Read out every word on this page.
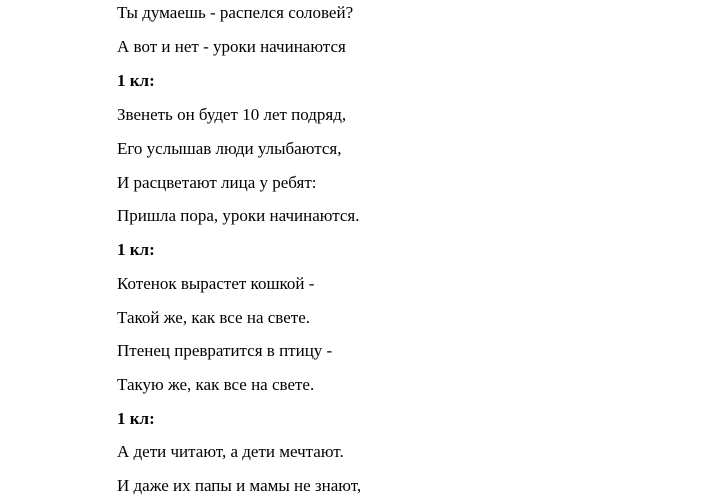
Ты думаешь - распелся соловей?

А вот и нет - уроки начинаются

1 кл:

Звенеть он будет 10 лет подряд,

Его услышав люди улыбаются,

И расцветают лица у ребят:

Пришла пора, уроки начинаются.

1 кл:

Котенок вырастет кошкой -

Такой же, как все на свете.

Птенец превратится в птицу -

Такую же, как все на свете.

1 кл:

А дети читают, а дети мечтают.

И даже их папы и мамы не знают,
